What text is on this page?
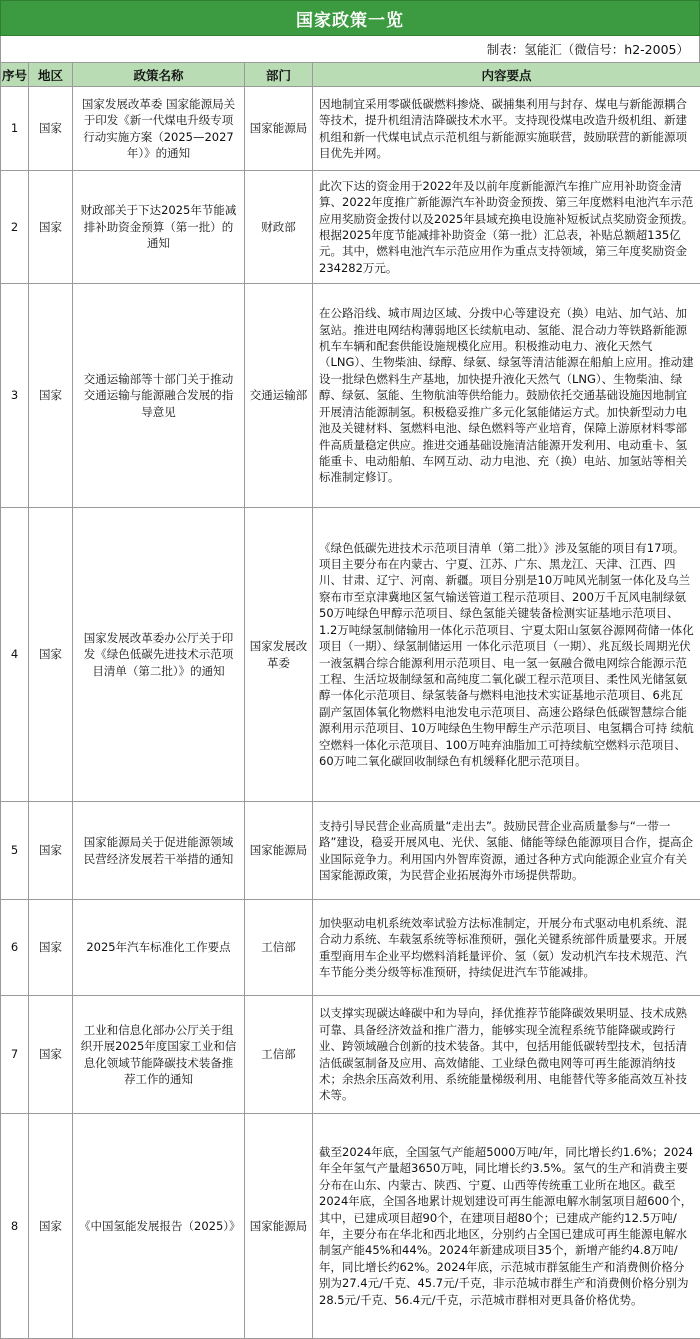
国家政策一览
制表：氢能汇（微信号：h2-2005）
序号	地区	政策名称	部门	内容要点
1	国家	国家发展改革委 国家能源局关于印发《新一代煤电升级专项行动实施方案（2025—2027年）》的通知	国家能源局	因地制宜采用零碳低碳燃料掺烧、碳捕集利用与封存、煤电与新能源耦合等技术，提升机组清洁降碳技术水平。支持现役煤电改造升级机组、新建机组和新一代煤电试点示范机组与新能源实施联营，鼓励联营的新能源项目优先并网。
2	国家	财政部关于下达2025年节能减排补助资金预算（第一批）的通知	财政部	此次下达的资金用于2022年及以前年度新能源汽车推广应用补助资金清算、2022年度推广新能源汽车补助资金预拨、第三年度燃料电池汽车示范应用奖励资金拨付以及2025年县域充换电设施补短板试点奖励资金预拨。根据2025年度节能减排补助资金（第一批）汇总表，补贴总额超135亿元。其中，燃料电池汽车示范应用作为重点支持领域，第三年度奖励资金234282万元。
3	国家	交通运输部等十部门关于推动交通运输与能源融合发展的指导意见	交通运输部	在公路沿线、城市周边区域、分拨中心等建设充（换）电站、加气站、加氢站。推进电网结构薄弱地区长续航电动、氢能、混合动力等铁路新能源机车车辆和配套供能设施规模化应用。积极推动电力、液化天然气（LNG）、生物柴油、绿醇、绿氨、绿氢等清洁能源在船舶上应用。推动建设一批绿色燃料生产基地，加快提升液化天然气（LNG）、生物柴油、绿醇、绿氨、氢能、生物航油等供给能力。鼓励依托交通基础设施因地制宜开展清洁能源制氢。积极稳妥推广多元化氢能储运方式。加快新型动力电池及关键材料、氢燃料电池、绿色燃料等产业培育，保障上游原材料零部件高质量稳定供应。推进交通基础设施清洁能源开发利用、电动重卡、氢能重卡、电动船舶、车网互动、动力电池、充（换）电站、加氢站等相关标准制定修订。
4	国家	国家发展改革委办公厅关于印发《绿色低碳先进技术示范项目清单（第二批）》的通知	国家发展改革委	《绿色低碳先进技术示范项目清单（第二批）》涉及氢能的项目有17项。项目主要分布在内蒙古、宁夏、江苏、广东、黑龙江、天津、江西、四川、甘肃、辽宁、河南、新疆。项目分别是10万吨风光制氢一体化及乌兰察布市至京津冀地区氢气输送管道工程示范项目、200万千瓦风电制绿氨50万吨绿色甲醇示范项目、绿色氢能关键装备检测实证基地示范项目、1.2万吨绿氢制储输用一体化示范项目、宁夏太阳山氢氨谷源网荷储一体化项目（一期）、绿氢制储运用 一体化示范项目（一期）、兆瓦级长周期光伏一液氢耦合综合能源利用示范项目、电一氢一氨融合微电网综合能源示范工程、生活垃圾制绿氢和高纯度二氧化碳工程示范项目、柔性风光储氢氨醇一体化示范项目、绿氢装备与燃料电池技术实证基地示范项目、6兆瓦副产氢固体氧化物燃料电池发电示范项目、高速公路绿色低碳智慧综合能源利用示范项目、10万吨绿色生物甲醇生产示范项目、电氢耦合可持 续航空燃料一体化示范项目、100万吨弃油脂加工可持续航空燃料示范项目、60万吨二氧化碳回收制绿色有机缓释化肥示范项目。
5	国家	国家能源局关于促进能源领域民营经济发展若干举措的通知	国家能源局	支持引导民营企业高质量“走出去”。鼓励民营企业高质量参与“一带一路”建设，稳妥开展风电、光伏、氢能、储能等绿色能源项目合作，提高企业国际竞争力。利用国内外智库资源，通过各种方式向能源企业宣介有关国家能源政策，为民营企业拓展海外市场提供帮助。
6	国家	2025年汽车标准化工作要点	工信部	加快驱动电机系统效率试验方法标准制定，开展分布式驱动电机系统、混合动力系统、车载氢系统等标准预研，强化关键系统部件质量要求。开展重型商用车企业平均燃料消耗量评价、氢（氨）发动机汽车技术规范、汽车节能分类分级等标准预研，持续促进汽车节能减排。
7	国家	工业和信息化部办公厅关于组织开展2025年度国家工业和信息化领域节能降碳技术装备推荐工作的通知	工信部	以支撑实现碳达峰碳中和为导向，择优推荐节能降碳效果明显、技术成熟可靠、具备经济效益和推广潜力，能够实现全流程系统节能降碳或跨行业、跨领域融合创新的技术装备。其中，包括用能低碳转型技术，包括清洁低碳氢制备及应用、高效储能、工业绿色微电网等可再生能源消纳技术；余热余压高效利用、系统能量梯级利用、电能替代等多能高效互补技术等。
8	国家	《中国氢能发展报告（2025）》	国家能源局	截至2024年底，全国氢气产能超5000万吨/年，同比增长约1.6%；2024年全年氢气产量超3650万吨，同比增长约3.5%。氢气的生产和消费主要分布在山东、内蒙古、陕西、宁夏、山西等传统重工业所在地区。截至2024年底，全国各地累计规划建设可再生能源电解水制氢项目超600个，其中，已建成项目超90个，在建项目超80个；已建成产能约12.5万吨/年，主要分布在华北和西北地区，分别约占全国已建成可再生能源电解水制氢产能45%和44%。2024年新建成项目35个，新增产能约4.8万吨/年，同比增长约62%。2024年底，示范城市群氢能生产和消费侧价格分别为27.4元/千克、45.7元/千克，非示范城市群生产和消费侧价格分别为28.5元/千克、56.4元/千克，示范城市群相对更具备价格优势。
